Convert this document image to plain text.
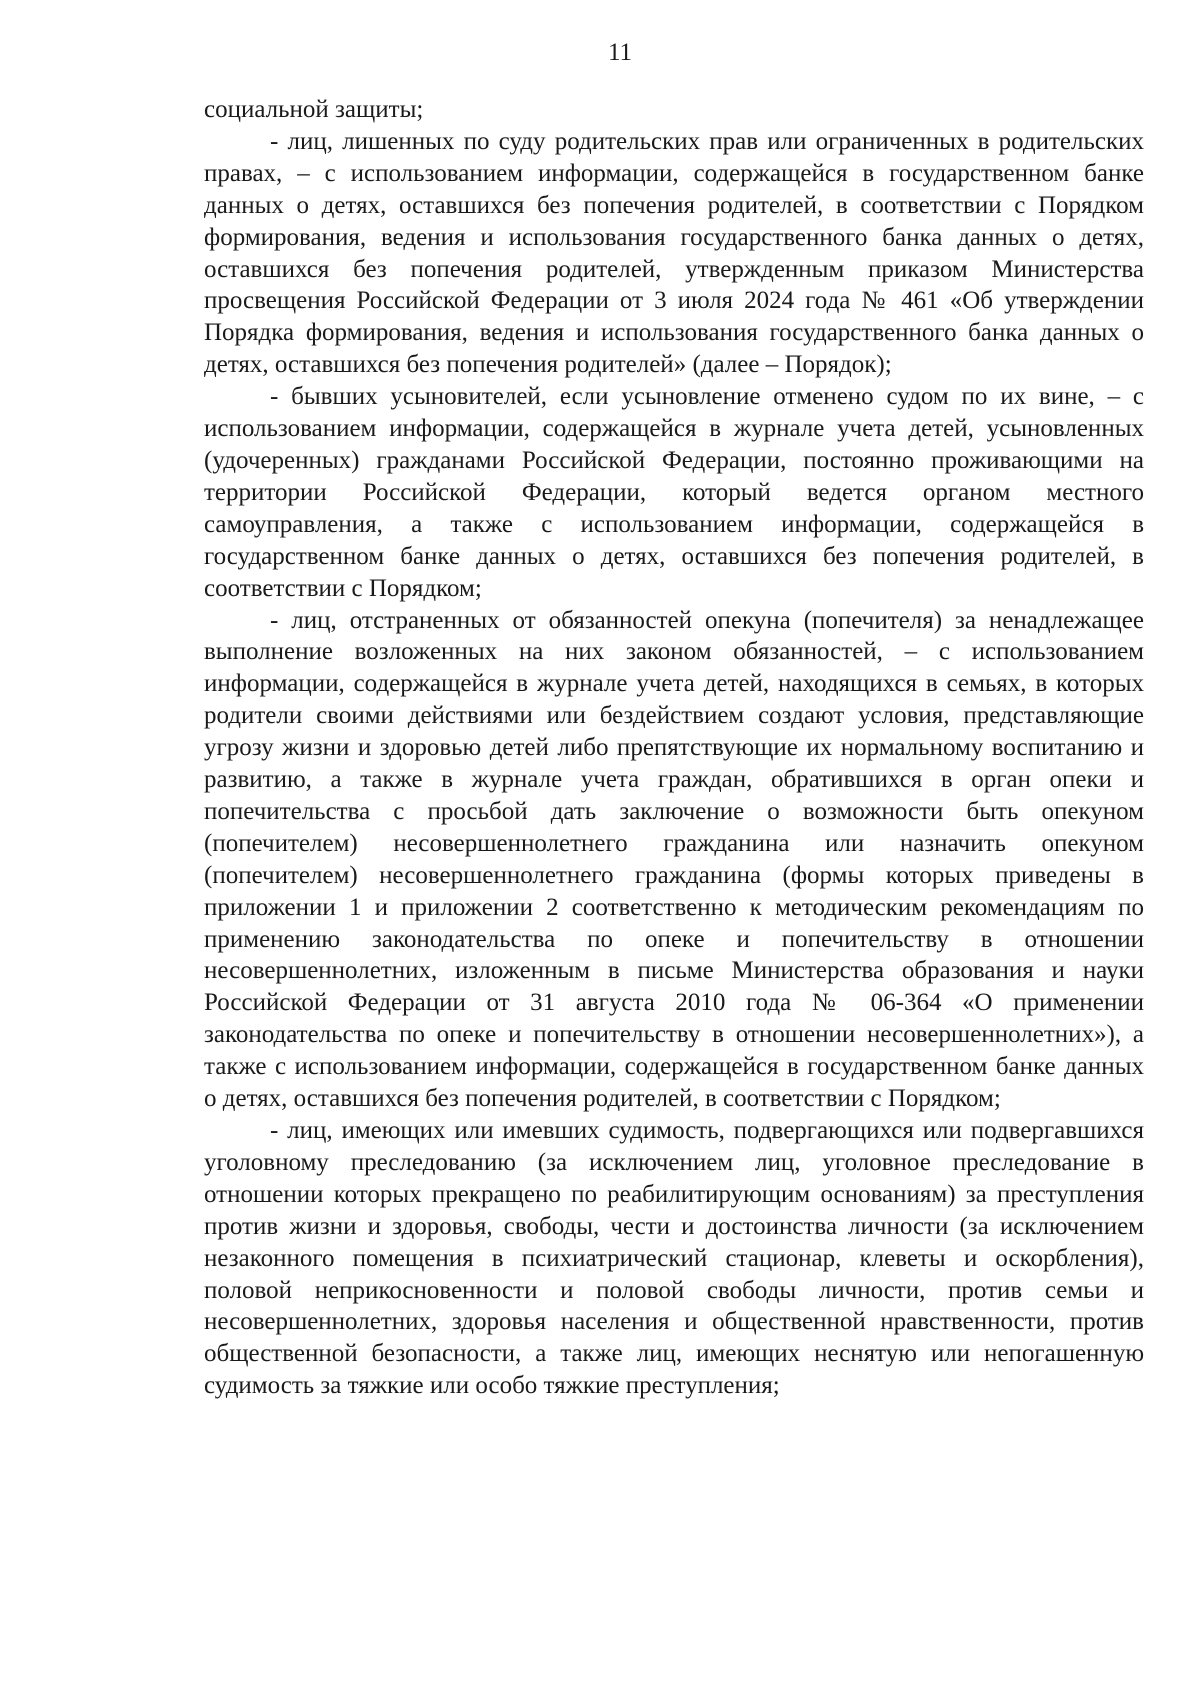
11

социальной защиты;

- лиц, лишенных по суду родительских прав или ограниченных в родительских правах, – с использованием информации, содержащейся в государственном банке данных о детях, оставшихся без попечения родителей, в соответствии с Порядком формирования, ведения и использования государственного банка данных о детях, оставшихся без попечения родителей, утвержденным приказом Министерства просвещения Российской Федерации от 3 июля 2024 года № 461 «Об утверждении Порядка формирования, ведения и использования государственного банка данных о детях, оставшихся без попечения родителей» (далее – Порядок);

- бывших усыновителей, если усыновление отменено судом по их вине, – с использованием информации, содержащейся в журнале учета детей, усыновленных (удочеренных) гражданами Российской Федерации, постоянно проживающими на территории Российской Федерации, который ведется органом местного самоуправления, а также с использованием информации, содержащейся в государственном банке данных о детях, оставшихся без попечения родителей, в соответствии с Порядком;

- лиц, отстраненных от обязанностей опекуна (попечителя) за ненадлежащее выполнение возложенных на них законом обязанностей, – с использованием информации, содержащейся в журнале учета детей, находящихся в семьях, в которых родители своими действиями или бездействием создают условия, представляющие угрозу жизни и здоровью детей либо препятствующие их нормальному воспитанию и развитию, а также в журнале учета граждан, обратившихся в орган опеки и попечительства с просьбой дать заключение о возможности быть опекуном (попечителем) несовершеннолетнего гражданина или назначить опекуном (попечителем) несовершеннолетнего гражданина (формы которых приведены в приложении 1 и приложении 2 соответственно к методическим рекомендациям по применению законодательства по опеке и попечительству в отношении несовершеннолетних, изложенным в письме Министерства образования и науки Российской Федерации от 31 августа 2010 года № 06-364 «О применении законодательства по опеке и попечительству в отношении несовершеннолетних»), а также с использованием информации, содержащейся в государственном банке данных о детях, оставшихся без попечения родителей, в соответствии с Порядком;

- лиц, имеющих или имевших судимость, подвергающихся или подвергавшихся уголовному преследованию (за исключением лиц, уголовное преследование в отношении которых прекращено по реабилитирующим основаниям) за преступления против жизни и здоровья, свободы, чести и достоинства личности (за исключением незаконного помещения в психиатрический стационар, клеветы и оскорбления), половой неприкосновенности и половой свободы личности, против семьи и несовершеннолетних, здоровья населения и общественной нравственности, против общественной безопасности, а также лиц, имеющих неснятую или непогашенную судимость за тяжкие или особо тяжкие преступления;
